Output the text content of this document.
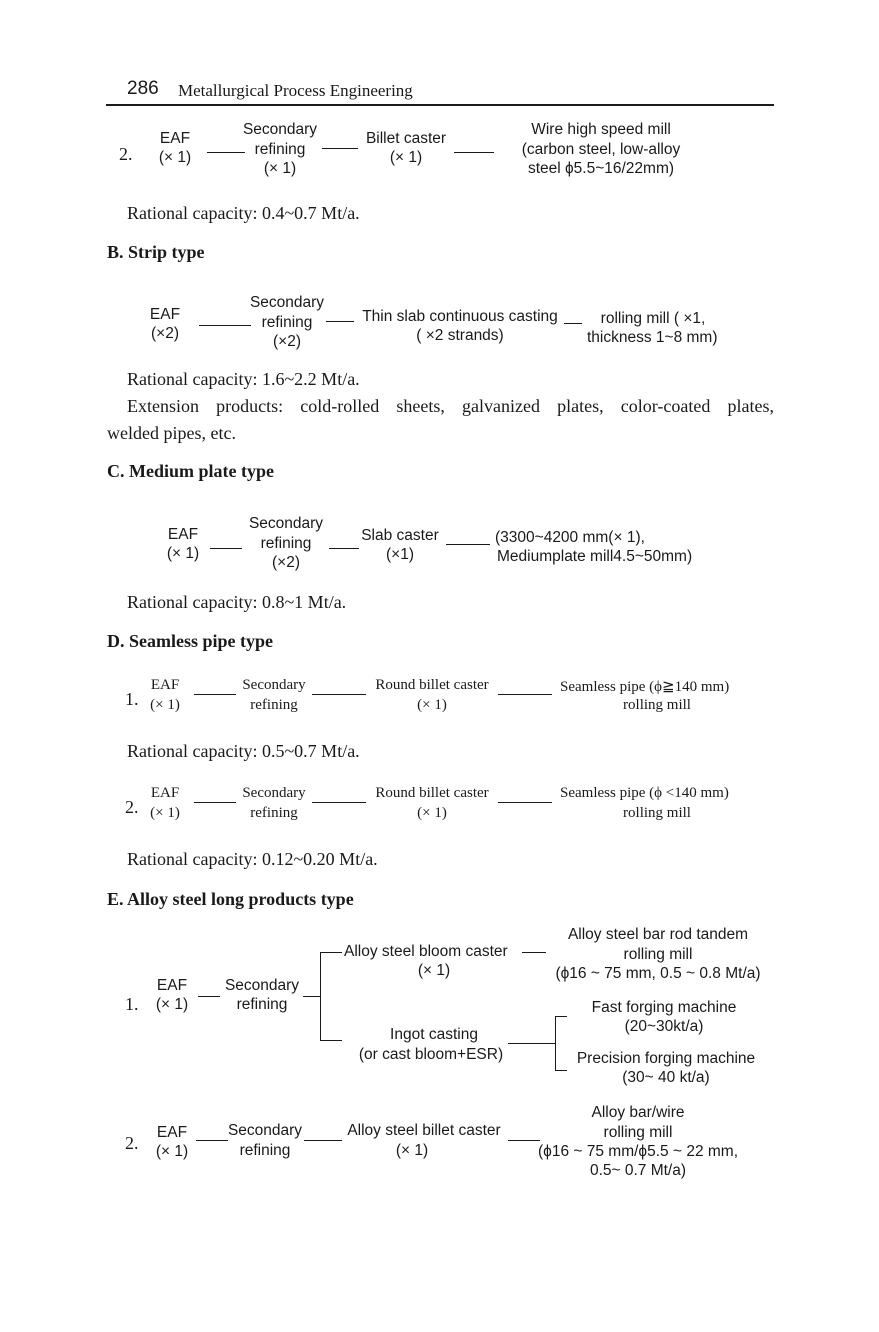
286 Metallurgical Process Engineering
2.
EAF
(× 1)
Secondary
refining
(× 1)
Billet caster
(× 1)
Wire high speed mill
(carbon steel, low-alloy
steel ϕ5.5~16/22mm)
Rational capacity: 0.4~0.7 Mt/a.
B. Strip type
EAF
(×2)
Secondary
refining
(×2)
Thin slab continuous casting
( ×2 strands)
rolling mill ( ×1,
thickness 1~8 mm)
Rational capacity: 1.6~2.2 Mt/a.
Extension products: cold-rolled sheets, galvanized plates, color-coated plates,
welded pipes, etc.
C. Medium plate type
EAF
(× 1)
Secondary
refining
(×2)
Slab caster
(×1)
(3300~4200 mm(× 1),
Mediumplate mill4.5~50mm)
Rational capacity: 0.8~1 Mt/a.
D. Seamless pipe type
1.
EAF
(× 1)
Secondary
refining
Round billet caster
(× 1)
Seamless pipe (ϕ≧140 mm)
rolling mill
Rational capacity: 0.5~0.7 Mt/a.
2.
EAF
(× 1)
Secondary
refining
Round billet caster
(× 1)
Seamless pipe (ϕ <140 mm)
rolling mill
Rational capacity: 0.12~0.20 Mt/a.
E. Alloy steel long products type
1.
EAF
(× 1)
Secondary
refining
Alloy steel bloom caster
(× 1)
Alloy steel bar rod tandem
rolling mill
(ϕ16 ~ 75 mm, 0.5 ~ 0.8 Mt/a)
Ingot casting
(or cast bloom+ESR)
Fast forging machine
(20~30kt/a)
Precision forging machine
(30~ 40 kt/a)
2.
EAF
(× 1)
Secondary
refining
Alloy steel billet caster
(× 1)
Alloy bar/wire
rolling mill
(ϕ16 ~ 75 mm/ϕ5.5 ~ 22 mm,
0.5~ 0.7 Mt/a)
